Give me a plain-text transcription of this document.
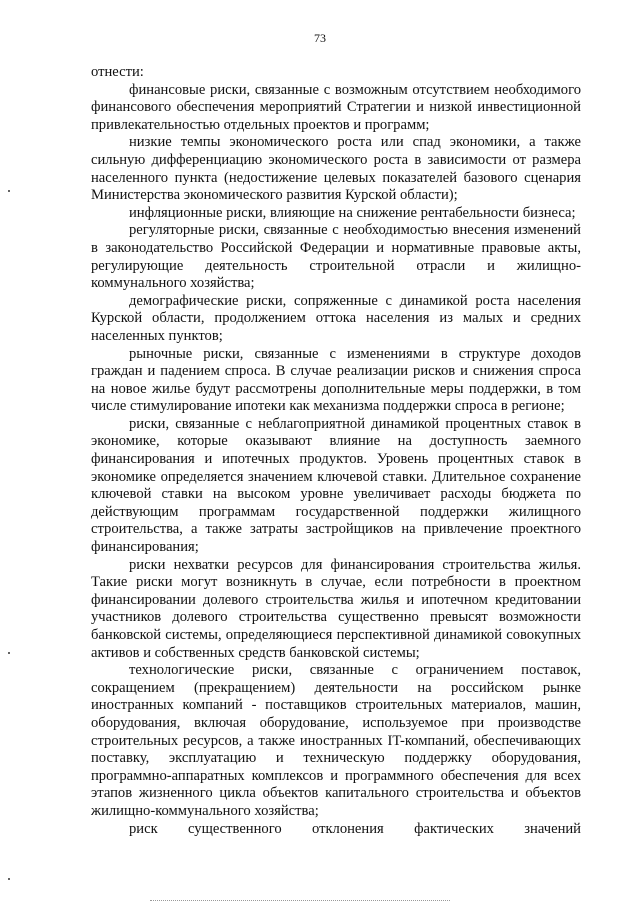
73

отнести:

финансовые риски, связанные с возможным отсутствием необходимого финансового обеспечения мероприятий Стратегии и низкой инвестиционной привлекательностью отдельных проектов и программ;

низкие темпы экономического роста или спад экономики, а также сильную дифференциацию экономического роста в зависимости от размера населенного пункта (недостижение целевых показателей базового сценария Министерства экономического развития Курской области);

инфляционные риски, влияющие на снижение рентабельности бизнеса;

регуляторные риски, связанные с необходимостью внесения изменений в законодательство Российской Федерации и нормативные правовые акты, регулирующие деятельность строительной отрасли и жилищно-коммунального хозяйства;

демографические риски, сопряженные с динамикой роста населения Курской области, продолжением оттока населения из малых и средних населенных пунктов;

рыночные риски, связанные с изменениями в структуре доходов граждан и падением спроса. В случае реализации рисков и снижения спроса на новое жилье будут рассмотрены дополнительные меры поддержки, в том числе стимулирование ипотеки как механизма поддержки спроса в регионе;

риски, связанные с неблагоприятной динамикой процентных ставок в экономике, которые оказывают влияние на доступность заемного финансирования и ипотечных продуктов. Уровень процентных ставок в экономике определяется значением ключевой ставки. Длительное сохранение ключевой ставки на высоком уровне увеличивает расходы бюджета по действующим программам государственной поддержки жилищного строительства, а также затраты застройщиков на привлечение проектного финансирования;

риски нехватки ресурсов для финансирования строительства жилья. Такие риски могут возникнуть в случае, если потребности в проектном финансировании долевого строительства жилья и ипотечном кредитовании участников долевого строительства существенно превысят возможности банковской системы, определяющиеся перспективной динамикой совокупных активов и собственных средств банковской системы;

технологические риски, связанные с ограничением поставок, сокращением (прекращением) деятельности на российском рынке иностранных компаний - поставщиков строительных материалов, машин, оборудования, включая оборудование, используемое при производстве строительных ресурсов, а также иностранных IT-компаний, обеспечивающих поставку, эксплуатацию и техническую поддержку оборудования, программно-аппаратных комплексов и программного обеспечения для всех этапов жизненного цикла объектов капитального строительства и объектов жилищно-коммунального хозяйства;

риск существенного отклонения фактических значений
